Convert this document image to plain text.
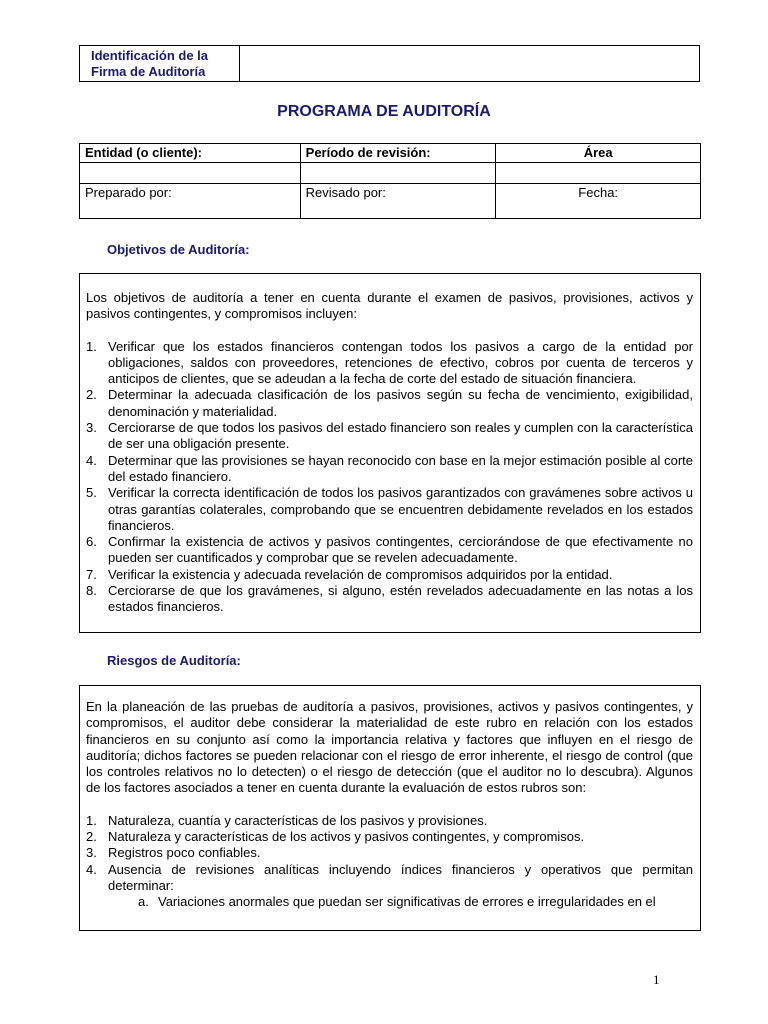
Identificación de la
Firma de Auditoría
PROGRAMA DE AUDITORÍA
Entidad (o cliente):	Período de revisión:	Área

Preparado por:	Revisado por:	Fecha:
Objetivos de Auditoría:

Los objetivos de auditoría a tener en cuenta durante el examen de pasivos, provisiones, activos y pasivos contingentes, y compromisos incluyen:

1. Verificar que los estados financieros contengan todos los pasivos a cargo de la entidad por obligaciones, saldos con proveedores, retenciones de efectivo, cobros por cuenta de terceros y anticipos de clientes, que se adeudan a la fecha de corte del estado de situación financiera.
2. Determinar la adecuada clasificación de los pasivos según su fecha de vencimiento, exigibilidad, denominación y materialidad.
3. Cerciorarse de que todos los pasivos del estado financiero son reales y cumplen con la característica de ser una obligación presente.
4. Determinar que las provisiones se hayan reconocido con base en la mejor estimación posible al corte del estado financiero.
5. Verificar la correcta identificación de todos los pasivos garantizados con gravámenes sobre activos u otras garantías colaterales, comprobando que se encuentren debidamente revelados en los estados financieros.
6. Confirmar la existencia de activos y pasivos contingentes, cerciorándose de que efectivamente no pueden ser cuantificados y comprobar que se revelen adecuadamente.
7. Verificar la existencia y adecuada revelación de compromisos adquiridos por la entidad.
8. Cerciorarse de que los gravámenes, si alguno, estén revelados adecuadamente en las notas a los estados financieros.
Riesgos de Auditoría:

En la planeación de las pruebas de auditoría a pasivos, provisiones, activos y pasivos contingentes, y compromisos, el auditor debe considerar la materialidad de este rubro en relación con los estados financieros en su conjunto así como la importancia relativa y factores que influyen en el riesgo de auditoría; dichos factores se pueden relacionar con el riesgo de error inherente, el riesgo de control (que los controles relativos no lo detecten) o el riesgo de detección (que el auditor no lo descubra). Algunos de los factores asociados a tener en cuenta durante la evaluación de estos rubros son:

1. Naturaleza, cuantía y características de los pasivos y provisiones.
2. Naturaleza y características de los activos y pasivos contingentes, y compromisos.
3. Registros poco confiables.
4. Ausencia de revisiones analíticas incluyendo índices financieros y operativos que permitan determinar:
a. Variaciones anormales que puedan ser significativas de errores e irregularidades en el
1
